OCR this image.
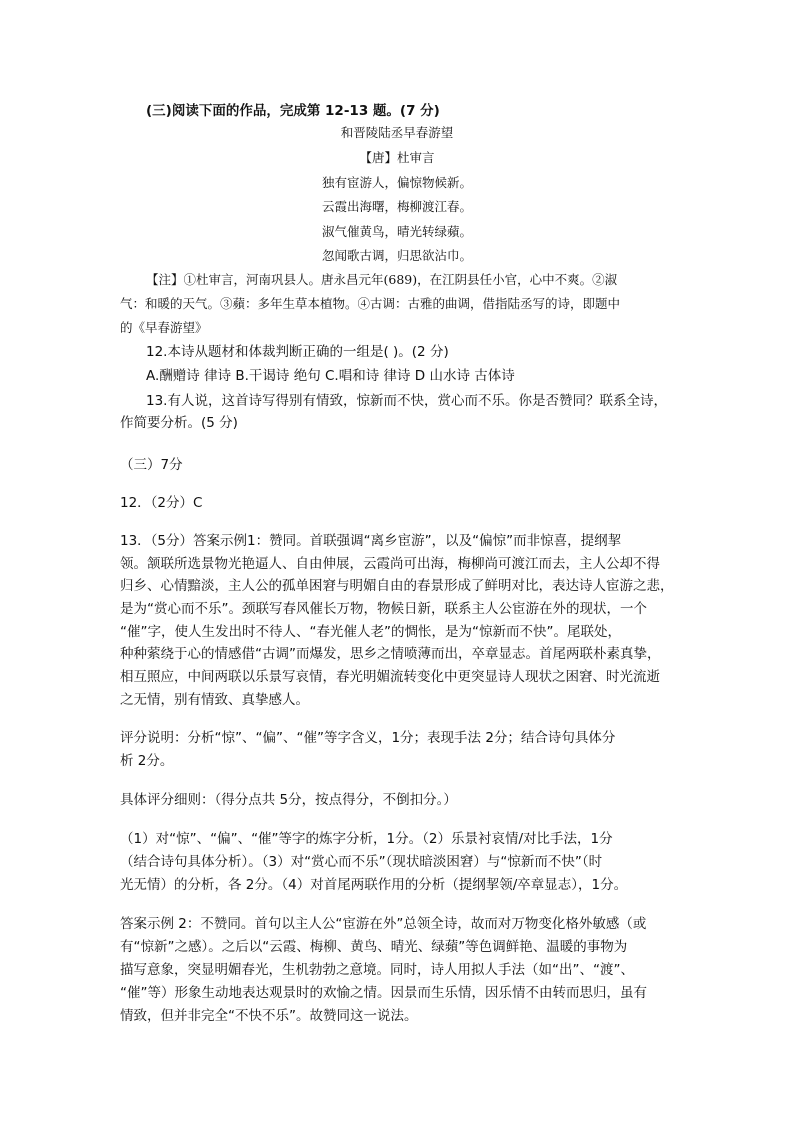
(三)阅读下面的作品，完成第 12-13 题。(7 分)
和晋陵陆丞早春游望
【唐】杜审言
独有宦游人，偏惊物候新。
云霞出海曙，梅柳渡江春。
淑气催黄鸟，晴光转绿蘋。
忽闻歌古调，归思欲沾巾。
【注】①杜审言，河南巩县人。唐永昌元年(689)，在江阴县任小官，心中不爽。②淑
气：和暖的天气。③蘋：多年生草本植物。④古调：古雅的曲调，借指陆丞写的诗，即题中
的《早春游望》
12.本诗从题材和体裁判断正确的一组是( )。(2 分)
A.酬赠诗 律诗 B.干谒诗 绝句 C.唱和诗 律诗 D 山水诗 古体诗
13.有人说，这首诗写得别有情致，惊新而不快，赏心而不乐。你是否赞同？联系全诗，
作简要分析。(5 分)
（三）7分
12．（2分）C
13．（5分）答案示例1：赞同。首联强调“离乡宦游”，以及“偏惊”而非惊喜，提纲挈
领。颔联所选景物光艳逼人、自由伸展，云霞尚可出海，梅柳尚可渡江而去，主人公却不得
归乡、心情黯淡，主人公的孤单困窘与明媚自由的春景形成了鲜明对比，表达诗人宦游之悲，
是为“赏心而不乐”。颈联写春风催长万物，物候日新，联系主人公宦游在外的现状，一个
“催”字，使人生发出时不待人、“春光催人老”的惆怅，是为“惊新而不快”。尾联处，
种种萦绕于心的情感借“古调”而爆发，思乡之情喷薄而出，卒章显志。首尾两联朴素真挚，
相互照应，中间两联以乐景写哀情，春光明媚流转变化中更突显诗人现状之困窘、时光流逝
之无情，别有情致、真挚感人。
评分说明：分析“惊”、“偏”、“催”等字含义，1分；表现手法 2分；结合诗句具体分
析 2分。
具体评分细则：（得分点共 5分，按点得分，不倒扣分。）
（1）对“惊”、“偏”、“催”等字的炼字分析，1分。（2）乐景衬哀情/对比手法，1分
（结合诗句具体分析）。（3）对“赏心而不乐”（现状暗淡困窘）与“惊新而不快”（时
光无情）的分析，各 2分。（4）对首尾两联作用的分析（提纲挈领/卒章显志），1分。
答案示例 2：不赞同。首句以主人公“宦游在外”总领全诗，故而对万物变化格外敏感（或
有“惊新”之感）。之后以“云霞、梅柳、黄鸟、晴光、绿蘋”等色调鲜艳、温暖的事物为
描写意象，突显明媚春光，生机勃勃之意境。同时，诗人用拟人手法（如“出”、“渡”、
“催”等）形象生动地表达观景时的欢愉之情。因景而生乐情，因乐情不由转而思归，虽有
情致，但并非完全“不快不乐”。故赞同这一说法。
